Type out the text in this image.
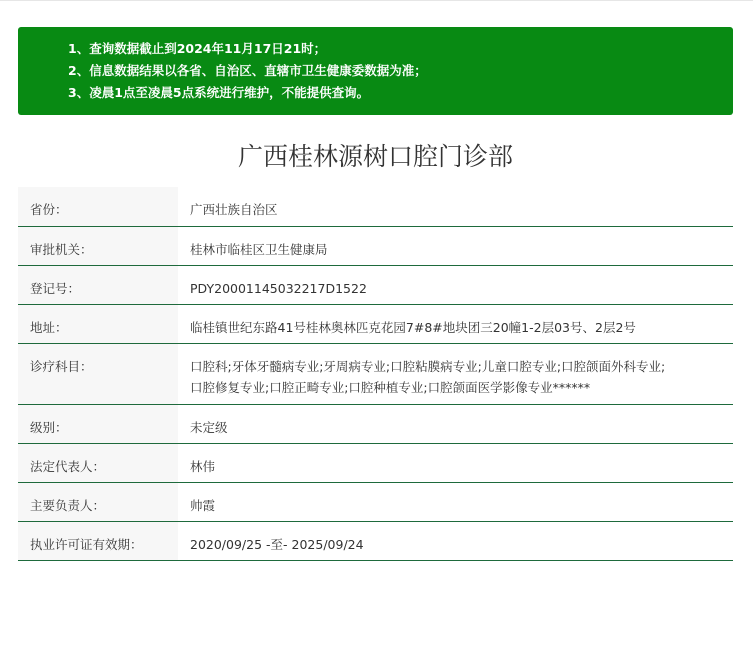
1、查询数据截止到2024年11月17日21时；
2、信息数据结果以各省、自治区、直辖市卫生健康委数据为准；
3、凌晨1点至凌晨5点系统进行维护，不能提供查询。
广西桂林源树口腔门诊部
省份：	广西壮族自治区
审批机关：	桂林市临桂区卫生健康局
登记号：	PDY20001145032217D1522
地址：	临桂镇世纪东路41号桂林奥林匹克花园7#8#地块团三20幢1-2层03号、2层2号
诊疗科目：	口腔科;牙体牙髓病专业;牙周病专业;口腔粘膜病专业;儿童口腔专业;口腔颌面外科专业;
口腔修复专业;口腔正畸专业;口腔种植专业;口腔颌面医学影像专业******

级别：	未定级
法定代表人：	林伟
主要负责人：	帅霞
执业许可证有效期：	2020/09/25 -至- 2025/09/24
